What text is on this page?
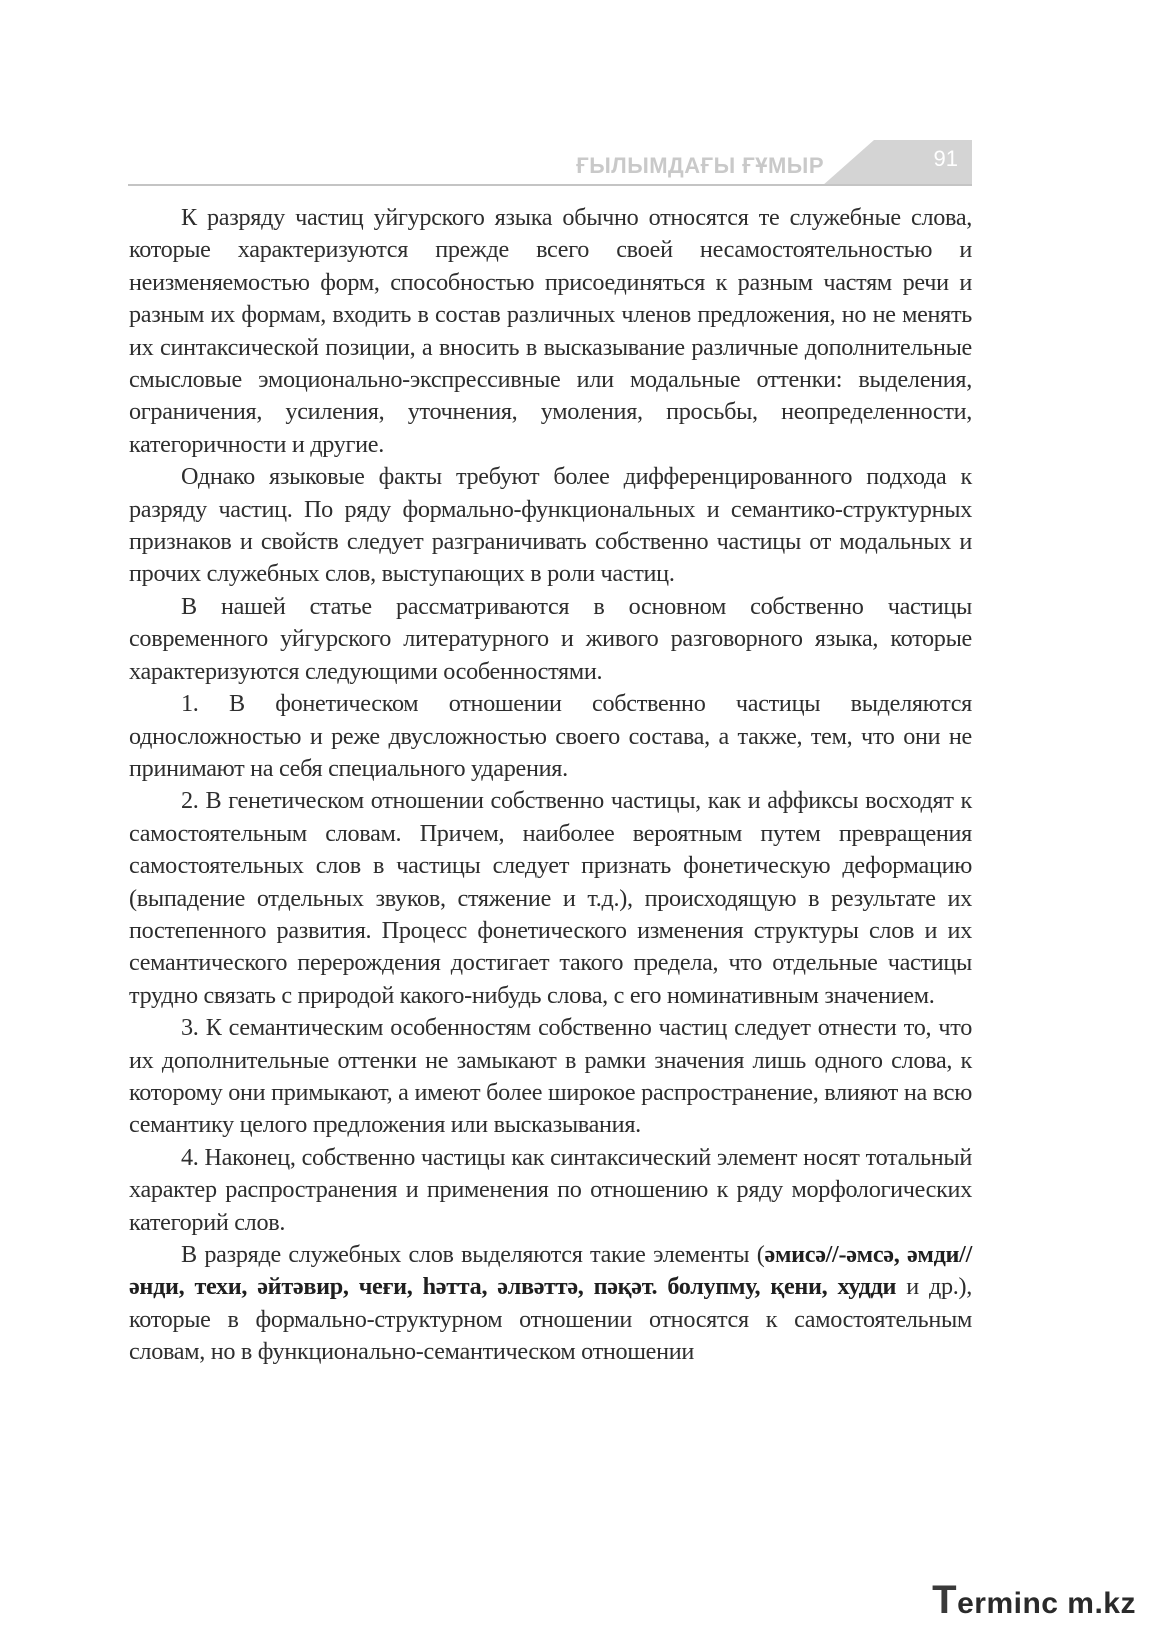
ҒЫЛЫМДАҒЫ ҒҰМЫР	91

К разряду частиц уйгурского языка обычно относятся те служебные слова, которые характеризуются прежде всего своей несамостоятельностью и неизменяемостью форм, способностью присоединяться к разным частям речи и разным их формам, входить в состав различных членов предложения, но не менять их синтаксической позиции, а вносить в высказывание различные дополнительные смысловые эмоционально-экспрессивные или модальные оттенки: выделения, ограничения, усиления, уточнения, умоления, просьбы, неопределенности, категоричности и другие.

Однако языковые факты требуют более дифференцированного подхода к разряду частиц. По ряду формально-функциональных и семантико-структурных признаков и свойств следует разграничивать собственно частицы от модальных и прочих служебных слов, выступающих в роли частиц.

В нашей статье рассматриваются в основном собственно частицы современного уйгурского литературного и живого разговорного языка, которые характеризуются следующими особенностями.

1. В фонетическом отношении собственно частицы выделяются односложностью и реже двусложностью своего состава, а также, тем, что они не принимают на себя специального ударения.

2. В генетическом отношении собственно частицы, как и аффиксы восходят к самостоятельным словам. Причем, наиболее вероятным путем превращения самостоятельных слов в частицы следует признать фонетическую деформацию (выпадение отдельных звуков, стяжение и т.д.), происходящую в результате их постепенного развития. Процесс фонетического изменения структуры слов и их семантического перерождения достигает такого предела, что отдельные частицы трудно связать с природой какого-нибудь слова, с его номинативным значением.

3. К семантическим особенностям собственно частиц следует отнести то, что их дополнительные оттенки не замыкают в рамки значения лишь одного слова, к которому они примыкают, а имеют более широкое распространение, влияют на всю семантику целого предложения или высказывания.

4. Наконец, собственно частицы как синтаксический элемент носят тотальный характер распространения и применения по отношению к ряду морфологических категорий слов.

В разряде служебных слов выделяются такие элементы (әмисә//-әмсә, әмди//әнди, техи, әйтәвир, чеғи, һәтта, әлвәттә, пәқәт. болупму, қени, худди и др.), которые в формально-структурном отношении относятся к самостоятельным словам, но в функционально-семантическом отношении

Terminc m.kz
